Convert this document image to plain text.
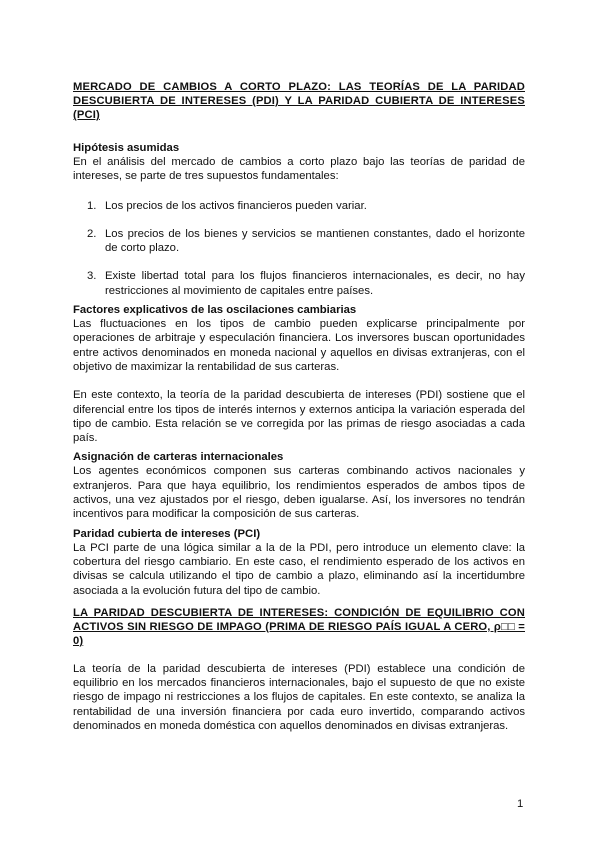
MERCADO DE CAMBIOS A CORTO PLAZO: LAS TEORÍAS DE LA PARIDAD DESCUBIERTA DE INTERESES (PDI) Y LA PARIDAD CUBIERTA DE INTERESES (PCI)
Hipótesis asumidas

En el análisis del mercado de cambios a corto plazo bajo las teorías de paridad de intereses, se parte de tres supuestos fundamentales:

1. Los precios de los activos financieros pueden variar.
2. Los precios de los bienes y servicios se mantienen constantes, dado el horizonte de corto plazo.
3. Existe libertad total para los flujos financieros internacionales, es decir, no hay restricciones al movimiento de capitales entre países.
Factores explicativos de las oscilaciones cambiarias

Las fluctuaciones en los tipos de cambio pueden explicarse principalmente por operaciones de arbitraje y especulación financiera. Los inversores buscan oportunidades entre activos denominados en moneda nacional y aquellos en divisas extranjeras, con el objetivo de maximizar la rentabilidad de sus carteras.

En este contexto, la teoría de la paridad descubierta de intereses (PDI) sostiene que el diferencial entre los tipos de interés internos y externos anticipa la variación esperada del tipo de cambio. Esta relación se ve corregida por las primas de riesgo asociadas a cada país.

Asignación de carteras internacionales

Los agentes económicos componen sus carteras combinando activos nacionales y extranjeros. Para que haya equilibrio, los rendimientos esperados de ambos tipos de activos, una vez ajustados por el riesgo, deben igualarse. Así, los inversores no tendrán incentivos para modificar la composición de sus carteras.

Paridad cubierta de intereses (PCI)

La PCI parte de una lógica similar a la de la PDI, pero introduce un elemento clave: la cobertura del riesgo cambiario. En este caso, el rendimiento esperado de los activos en divisas se calcula utilizando el tipo de cambio a plazo, eliminando así la incertidumbre asociada a la evolución futura del tipo de cambio.

LA PARIDAD DESCUBIERTA DE INTERESES: CONDICIÓN DE EQUILIBRIO CON ACTIVOS SIN RIESGO DE IMPAGO (PRIMA DE RIESGO PAÍS IGUAL A CERO, ρ□□ = 0)

La teoría de la paridad descubierta de intereses (PDI) establece una condición de equilibrio en los mercados financieros internacionales, bajo el supuesto de que no existe riesgo de impago ni restricciones a los flujos de capitales. En este contexto, se analiza la rentabilidad de una inversión financiera por cada euro invertido, comparando activos denominados en moneda doméstica con aquellos denominados en divisas extranjeras.

1
